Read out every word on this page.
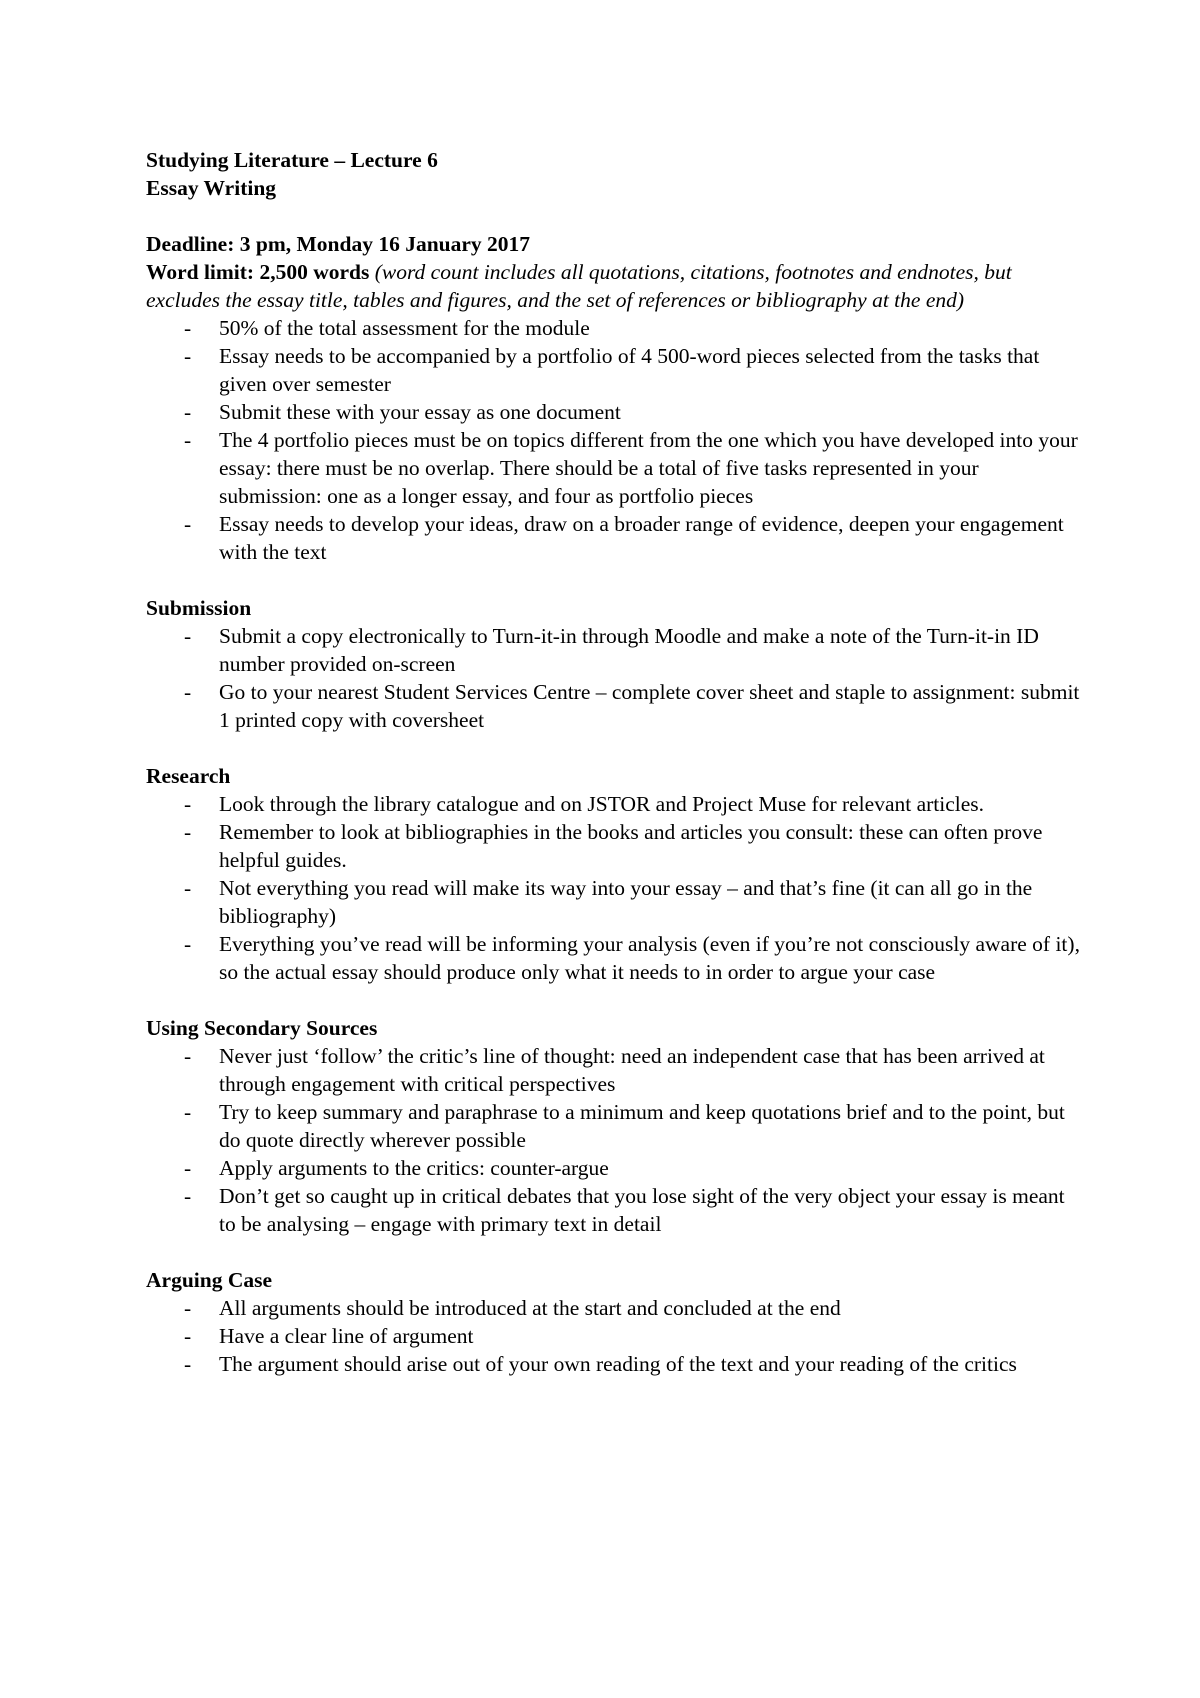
Studying Literature – Lecture 6

Essay Writing

Deadline: 3 pm, Monday 16 January 2017

Word limit: 2,500 words (word count includes all quotations, citations, footnotes and endnotes, but excludes the essay title, tables and figures, and the set of references or bibliography at the end)

- 50% of the total assessment for the module
- Essay needs to be accompanied by a portfolio of 4 500-word pieces selected from the tasks that given over semester
- Submit these with your essay as one document
- The 4 portfolio pieces must be on topics different from the one which you have developed into your essay: there must be no overlap. There should be a total of five tasks represented in your submission: one as a longer essay, and four as portfolio pieces
- Essay needs to develop your ideas, draw on a broader range of evidence, deepen your engagement with the text

Submission

- Submit a copy electronically to Turn-it-in through Moodle and make a note of the Turn-it-in ID number provided on-screen
- Go to your nearest Student Services Centre – complete cover sheet and staple to assignment: submit 1 printed copy with coversheet

Research

- Look through the library catalogue and on JSTOR and Project Muse for relevant articles.
- Remember to look at bibliographies in the books and articles you consult: these can often prove helpful guides.
- Not everything you read will make its way into your essay – and that’s fine (it can all go in the bibliography)
- Everything you’ve read will be informing your analysis (even if you’re not consciously aware of it), so the actual essay should produce only what it needs to in order to argue your case

Using Secondary Sources

- Never just ‘follow’ the critic’s line of thought: need an independent case that has been arrived at through engagement with critical perspectives
- Try to keep summary and paraphrase to a minimum and keep quotations brief and to the point, but do quote directly wherever possible
- Apply arguments to the critics: counter-argue
- Don’t get so caught up in critical debates that you lose sight of the very object your essay is meant to be analysing – engage with primary text in detail

Arguing Case

- All arguments should be introduced at the start and concluded at the end
- Have a clear line of argument
- The argument should arise out of your own reading of the text and your reading of the critics
